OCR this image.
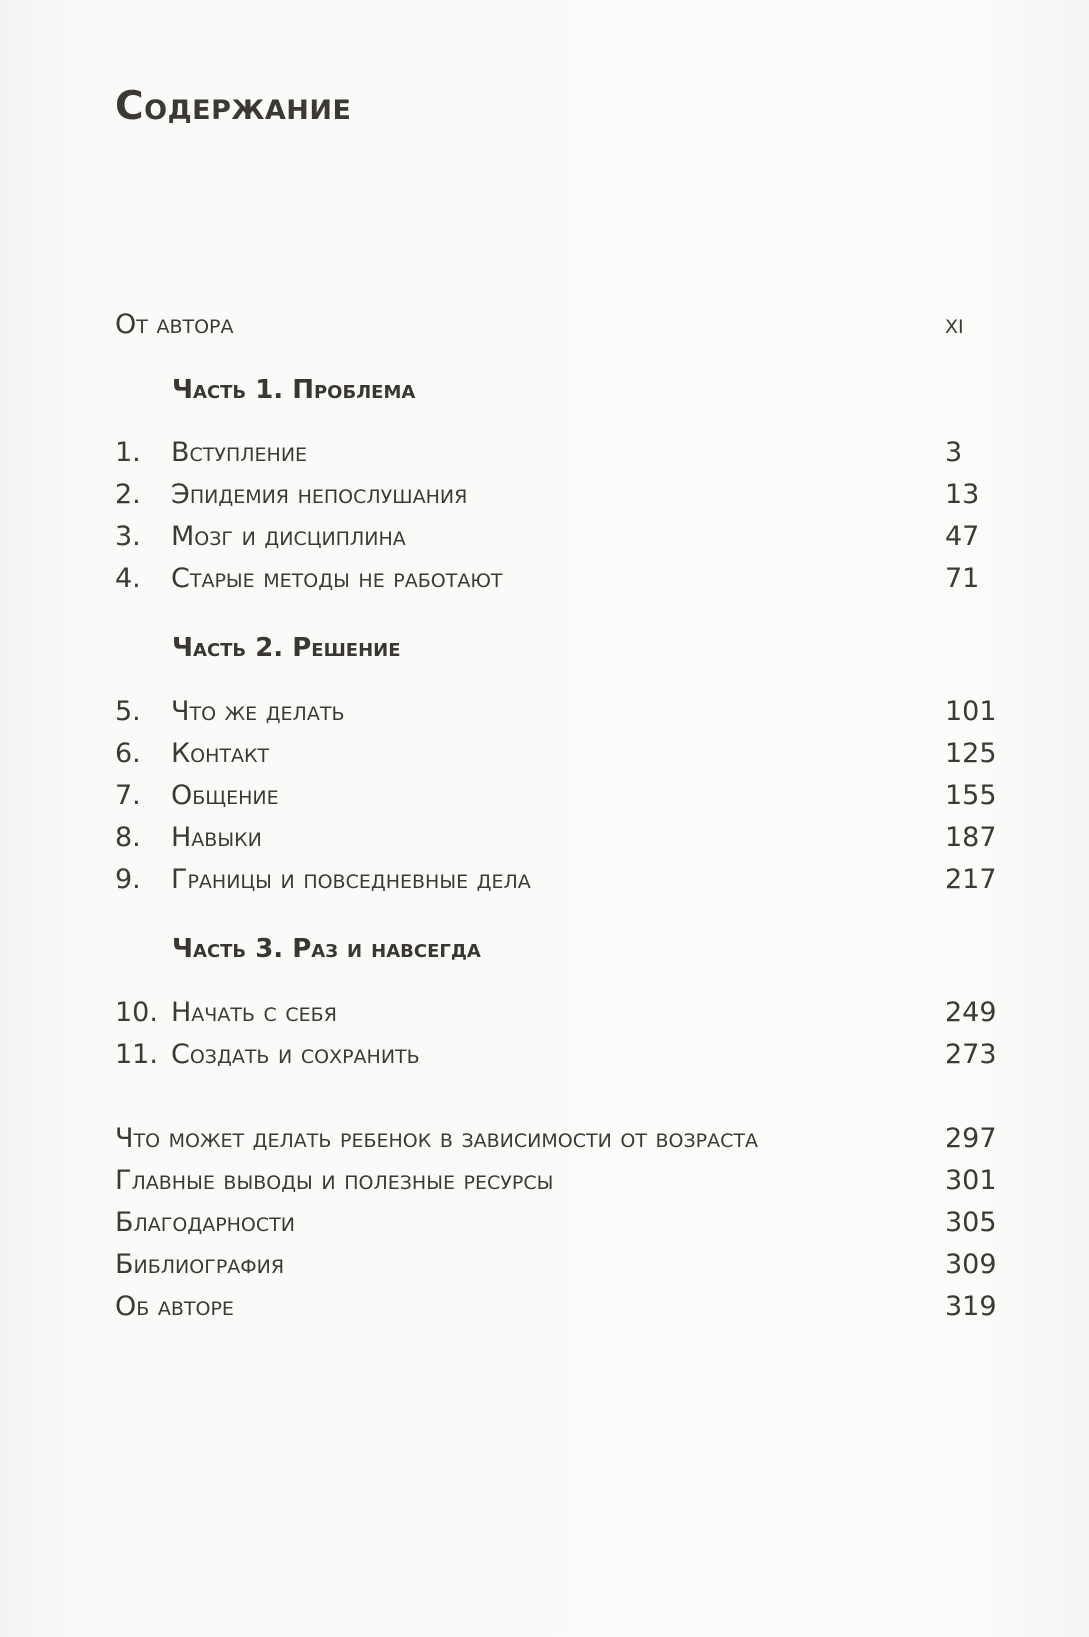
Содержание
От автора	xi
Часть 1. Проблема
1.	Вступление	3
2.	Эпидемия непослушания	13
3.	Мозг и дисциплина	47
4.	Старые методы не работают	71
Часть 2. Решение
5.	Что же делать	101
6.	Контакт	125
7.	Общение	155
8.	Навыки	187
9.	Границы и повседневные дела	217
Часть 3. Раз и навсегда
10. Начать с себя	249
11. Создать и сохранить	273
Что может делать ребенок в зависимости от возраста	297
Главные выводы и полезные ресурсы	301
Благодарности	305
Библиография	309
Об авторе	319
